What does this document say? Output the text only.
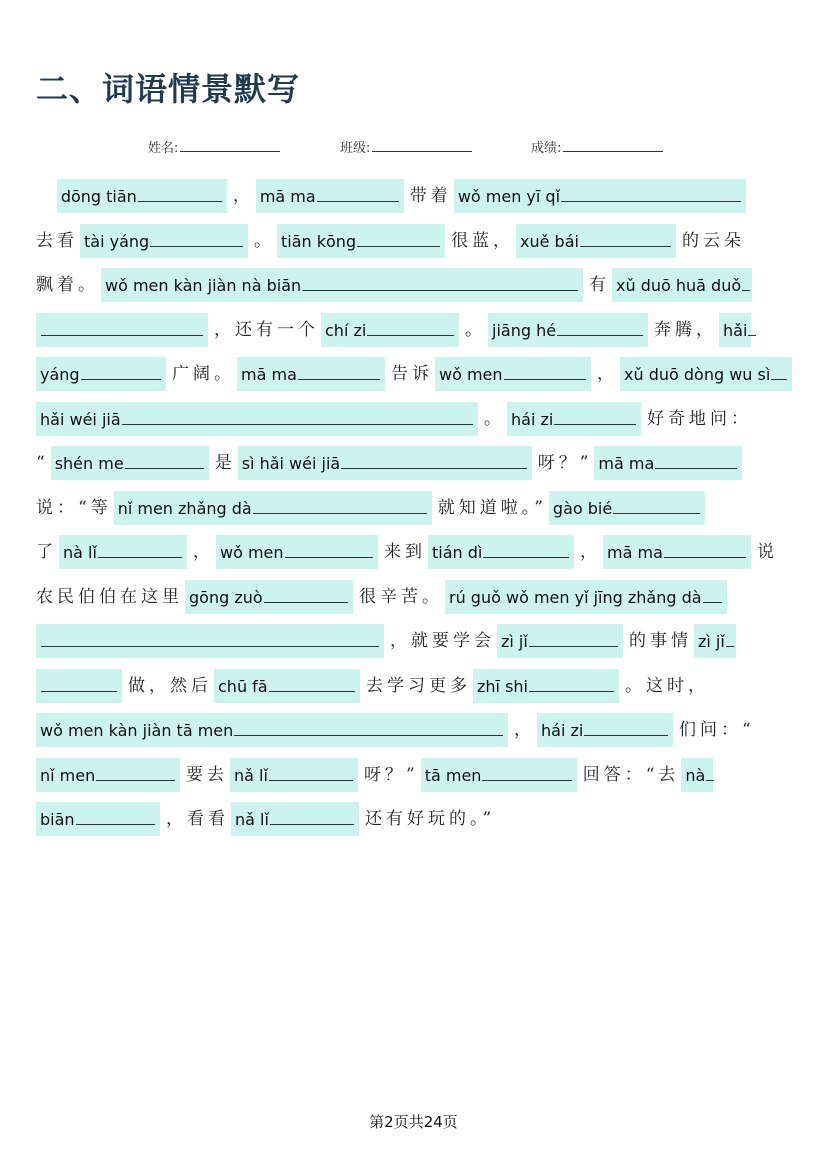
二、词语情景默写
姓名:	班级:	成绩:

dōng tiān	， mā ma	带着 wǒ men yī qǐ
去看 tài yáng	。 tiān kōng	很蓝， xuě bái	的云朵
飘着。 wǒ men kàn jiàn nà biān	有 xǔ duō huā duǒ
，还有一个 chí zi	。 jiāng hé	奔腾， hǎi
yáng	广阔。 mā ma	告诉 wǒ men	， xǔ duō dòng wu sì
hǎi wéi jiā	。 hái zi	好奇地问：
“ shén me	是 sì hǎi wéi jiā	呀？” mā ma
说：“等 nǐ men zhǎng dà	就知道啦。” gào bié
了 nà lǐ	， wǒ men	来到 tián dì	， mā ma	说
农民伯伯在这里 gōng zuò	很辛苦。 rú guǒ wǒ men yǐ jīng zhǎng dà
，就要学会 zì jǐ	的事情 zì jǐ
做，然后 chū fā	去学习更多 zhī shi	。这时，
wǒ men kàn jiàn tā men	， hái zi	们问：“
nǐ men	要去 nǎ lǐ	呀？” tā men	回答：“去 nà
biān	，看看 nǎ lǐ	还有好玩的。”
第2页共24页
